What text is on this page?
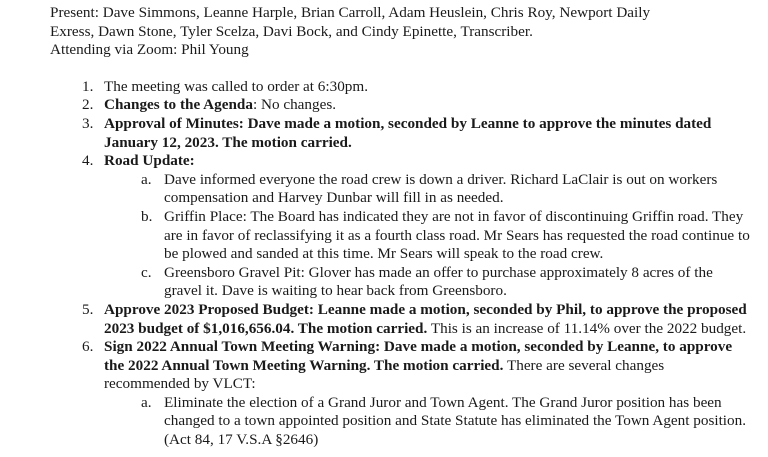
Present: Dave Simmons, Leanne Harple, Brian Carroll, Adam Heuslein, Chris Roy, Newport Daily

Exress, Dawn Stone, Tyler Scelza, Davi Bock, and Cindy Epinette, Transcriber.

Attending via Zoom: Phil Young

1. The meeting was called to order at 6:30pm.
2. Changes to the Agenda: No changes.
3. Approval of Minutes: Dave made a motion, seconded by Leanne to approve the minutes dated January 12, 2023. The motion carried.
4. Road Update:
a. Dave informed everyone the road crew is down a driver. Richard LaClair is out on workers compensation and Harvey Dunbar will fill in as needed.
b. Griffin Place: The Board has indicated they are not in favor of discontinuing Griffin road. They are in favor of reclassifying it as a fourth class road. Mr Sears has requested the road continue to be plowed and sanded at this time. Mr Sears will speak to the road crew.
c. Greensboro Gravel Pit: Glover has made an offer to purchase approximately 8 acres of the gravel it. Dave is waiting to hear back from Greensboro.
5. Approve 2023 Proposed Budget: Leanne made a motion, seconded by Phil, to approve the proposed 2023 budget of $1,016,656.04. The motion carried. This is an increase of 11.14% over the 2022 budget.
6. Sign 2022 Annual Town Meeting Warning: Dave made a motion, seconded by Leanne, to approve the 2022 Annual Town Meeting Warning. The motion carried. There are several changes recommended by VLCT:
a. Eliminate the election of a Grand Juror and Town Agent. The Grand Juror position has been changed to a town appointed position and State Statute has eliminated the Town Agent position. (Act 84, 17 V.S.A §2646)
